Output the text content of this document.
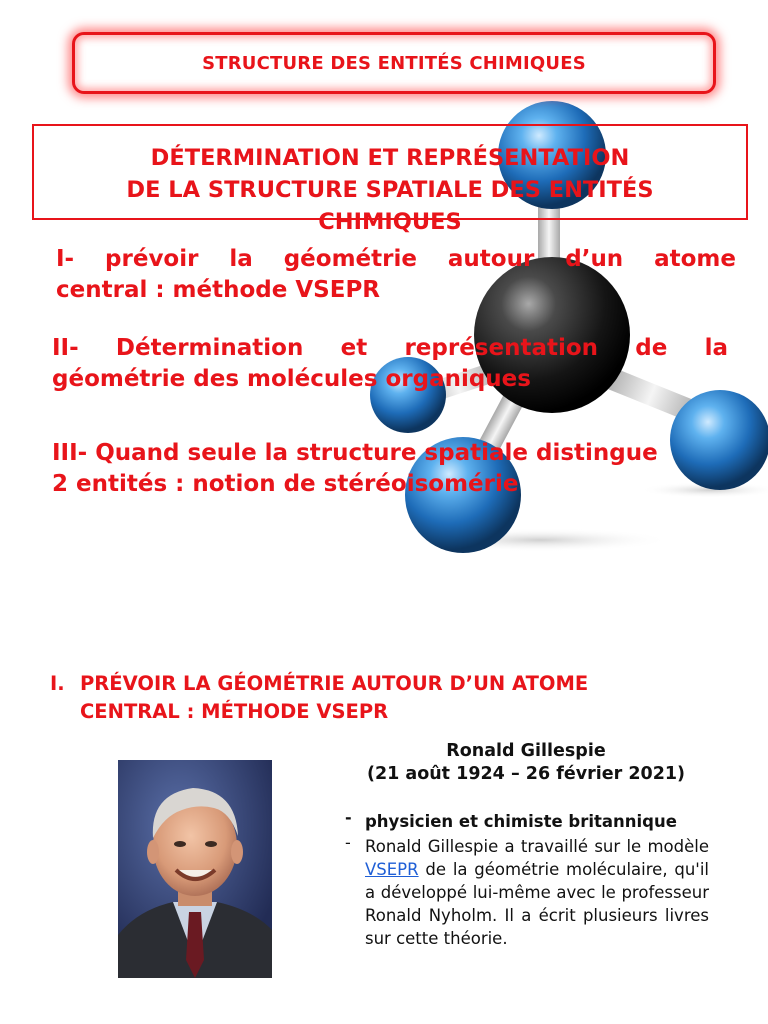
STRUCTURE DES ENTITÉS CHIMIQUES
DÉTERMINATION ET REPRÉSENTATION
DE LA STRUCTURE SPATIALE DES ENTITÉS
CHIMIQUES
I- prévoir la géométrie autour d’un atome
central : méthode VSEPR
II- Détermination et représentation de la
géométrie des molécules organiques
III- Quand seule la structure spatiale distingue
2 entités : notion de stéréoisomérie
I. PRÉVOIR LA GÉOMÉTRIE AUTOUR D’UN ATOME
CENTRAL : MÉTHODE VSEPR
Ronald Gillespie
(21 août 1924 – 26 février 2021)
- physicien et chimiste britannique
- Ronald Gillespie a travaillé sur le modèle VSEPR de la géométrie moléculaire, qu'il a développé lui-même avec le professeur Ronald Nyholm. Il a écrit plusieurs livres sur cette théorie.
